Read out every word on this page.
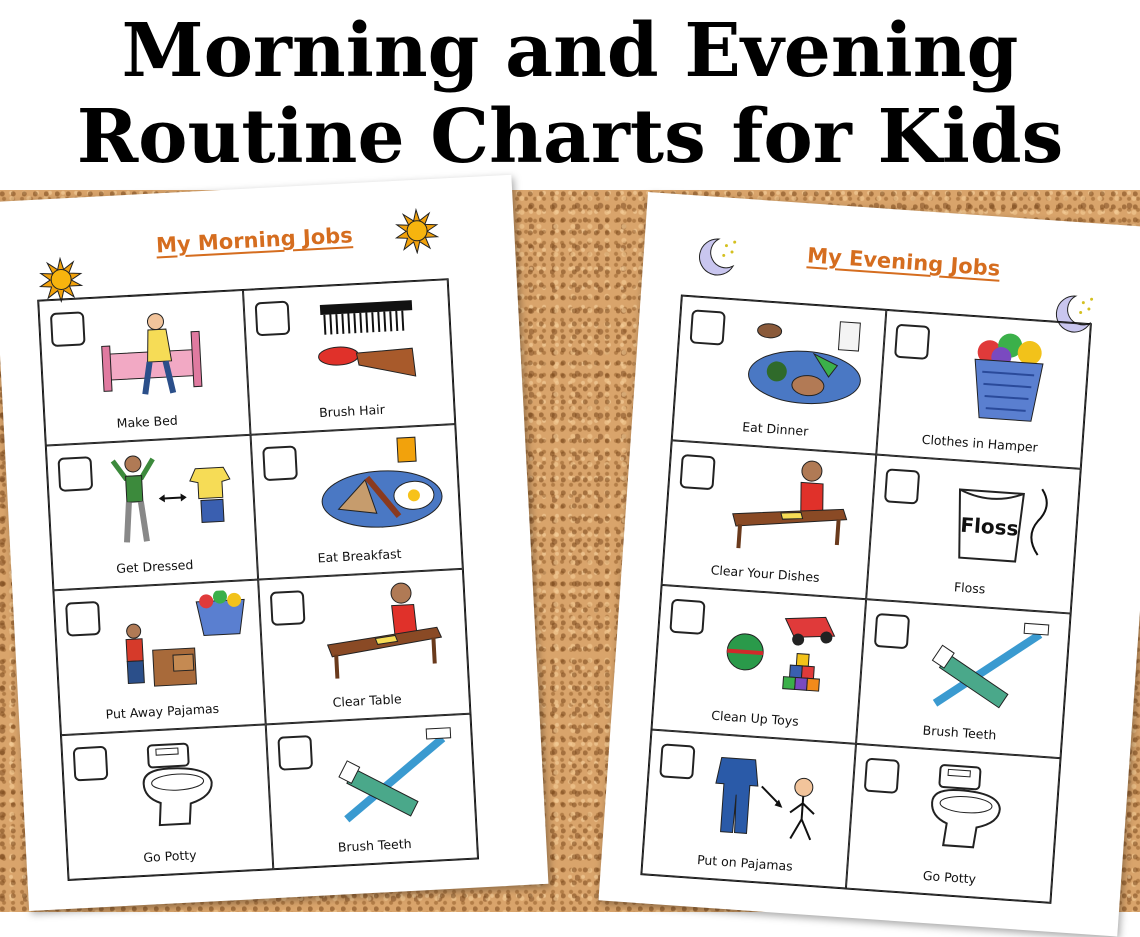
Morning and Evening
Routine Charts for Kids
My Morning Jobs
Make Bed
Brush Hair
Get Dressed
Eat Breakfast
Put Away Pajamas
Clear Table
Go Potty
Brush Teeth
My Evening Jobs
Eat Dinner
Clothes in Hamper
Clear Your Dishes
Floss
Floss
Clean Up Toys
Brush Teeth
Put on Pajamas
Go Potty
